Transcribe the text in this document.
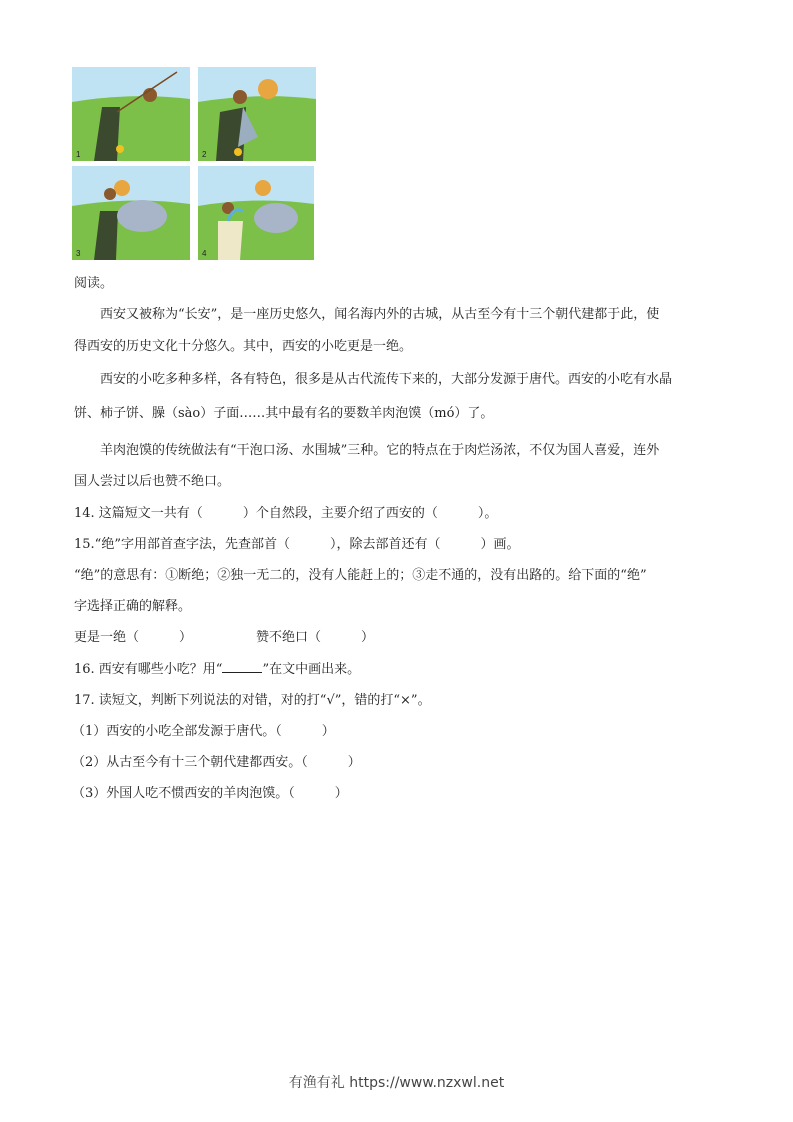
1	2
3	4
阅读。
西安又被称为“长安”，是一座历史悠久，闻名海内外的古城，从古至今有十三个朝代建都于此，使
得西安的历史文化十分悠久。其中，西安的小吃更是一绝。
西安的小吃多种多样，各有特色，很多是从古代流传下来的，大部分发源于唐代。西安的小吃有水晶
饼、柿子饼、臊（sào）子面……其中最有名的要数羊肉泡馍（mó）了。
羊肉泡馍的传统做法有“干泡口汤、水围城”三种。它的特点在于肉烂汤浓，不仅为国人喜爱，连外
国人尝过以后也赞不绝口。
14. 这篇短文一共有（	）个自然段，主要介绍了西安的（	）。
15.“绝”字用部首查字法，先查部首（	），除去部首还有（	）画。
“绝”的意思有：①断绝；②独一无二的，没有人能赶上的；③走不通的，没有出路的。给下面的“绝”
字选择正确的解释。
更是一绝（	）	赞不绝口（	）
16. 西安有哪些小吃？用“	”在文中画出来。
17. 读短文，判断下列说法的对错，对的打“√”，错的打“×”。
（1）西安的小吃全部发源于唐代。（	）
（2）从古至今有十三个朝代建都西安。（	）
（3）外国人吃不惯西安的羊肉泡馍。（	）
有渔有礼 https://www.nzxwl.net
